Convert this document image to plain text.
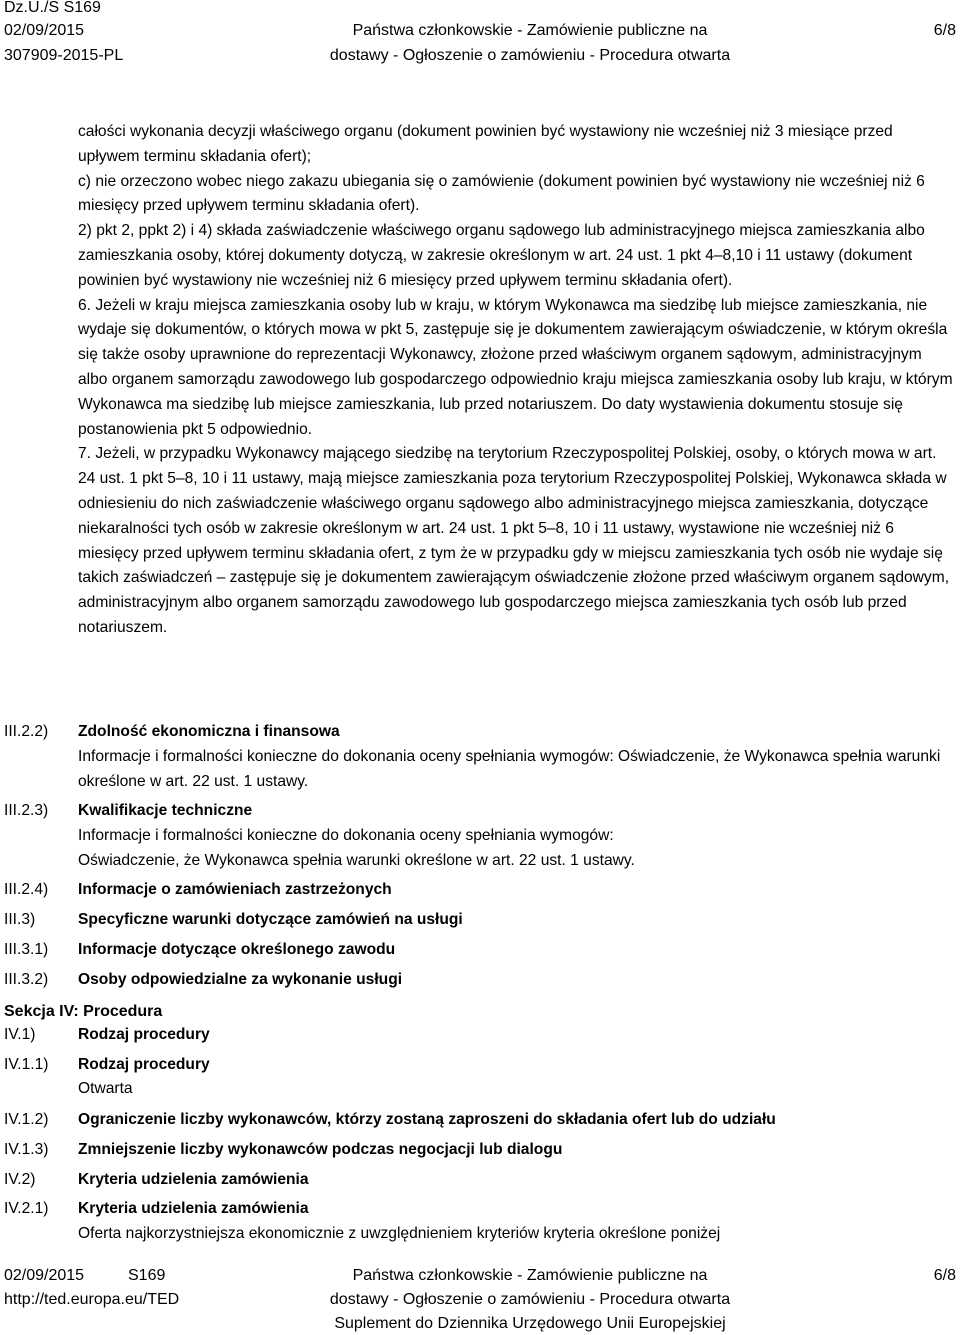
Dz.U./S S169
02/09/2015
307909-2015-PL
Państwa członkowskie - Zamówienie publiczne na
dostawy - Ogłoszenie o zamówieniu - Procedura otwarta
6/8

całości wykonania decyzji właściwego organu (dokument powinien być wystawiony nie wcześniej niż 3 miesiące przed upływem terminu składania ofert);

c) nie orzeczono wobec niego zakazu ubiegania się o zamówienie (dokument powinien być wystawiony nie wcześniej niż 6 miesięcy przed upływem terminu składania ofert).

2) pkt 2, ppkt 2) i 4) składa zaświadczenie właściwego organu sądowego lub administracyjnego miejsca zamieszkania albo zamieszkania osoby, której dokumenty dotyczą, w zakresie określonym w art. 24 ust. 1 pkt 4–8,10 i 11 ustawy (dokument powinien być wystawiony nie wcześniej niż 6 miesięcy przed upływem terminu składania ofert).

6. Jeżeli w kraju miejsca zamieszkania osoby lub w kraju, w którym Wykonawca ma siedzibę lub miejsce zamieszkania, nie wydaje się dokumentów, o których mowa w pkt 5, zastępuje się je dokumentem zawierającym oświadczenie, w którym określa się także osoby uprawnione do reprezentacji Wykonawcy, złożone przed właściwym organem sądowym, administracyjnym albo organem samorządu zawodowego lub gospodarczego odpowiednio kraju miejsca zamieszkania osoby lub kraju, w którym Wykonawca ma siedzibę lub miejsce zamieszkania, lub przed notariuszem. Do daty wystawienia dokumentu stosuje się postanowienia pkt 5 odpowiednio.

7. Jeżeli, w przypadku Wykonawcy mającego siedzibę na terytorium Rzeczypospolitej Polskiej, osoby, o których mowa w art. 24 ust. 1 pkt 5–8, 10 i 11 ustawy, mają miejsce zamieszkania poza terytorium Rzeczypospolitej Polskiej, Wykonawca składa w odniesieniu do nich zaświadczenie właściwego organu sądowego albo administracyjnego miejsca zamieszkania, dotyczące niekaralności tych osób w zakresie określonym w art. 24 ust. 1 pkt 5–8, 10 i 11 ustawy, wystawione nie wcześniej niż 6 miesięcy przed upływem terminu składania ofert, z tym że w przypadku gdy w miejscu zamieszkania tych osób nie wydaje się takich zaświadczeń – zastępuje się je dokumentem zawierającym oświadczenie złożone przed właściwym organem sądowym, administracyjnym albo organem samorządu zawodowego lub gospodarczego miejsca zamieszkania tych osób lub przed notariuszem.

III.2.2) Zdolność ekonomiczna i finansowa
Informacje i formalności konieczne do dokonania oceny spełniania wymogów: Oświadczenie, że Wykonawca spełnia warunki określone w art. 22 ust. 1 ustawy.
III.2.3) Kwalifikacje techniczne
Informacje i formalności konieczne do dokonania oceny spełniania wymogów:
Oświadczenie, że Wykonawca spełnia warunki określone w art. 22 ust. 1 ustawy.
III.2.4) Informacje o zamówieniach zastrzeżonych
III.3)	Specyficzne warunki dotyczące zamówień na usługi
III.3.1) Informacje dotyczące określonego zawodu
III.3.2) Osoby odpowiedzialne za wykonanie usługi
Sekcja IV: Procedura
IV.1)	Rodzaj procedury
IV.1.1) Rodzaj procedury
Otwarta
IV.1.2) Ograniczenie liczby wykonawców, którzy zostaną zaproszeni do składania ofert lub do udziału
IV.1.3) Zmniejszenie liczby wykonawców podczas negocjacji lub dialogu
IV.2)	Kryteria udzielenia zamówienia
IV.2.1) Kryteria udzielenia zamówienia
Oferta najkorzystniejsza ekonomicznie z uwzględnieniem kryteriów kryteria określone poniżej
02/09/2015	S169
http://ted.europa.eu/TED
Państwa członkowskie - Zamówienie publiczne na
dostawy - Ogłoszenie o zamówieniu - Procedura otwarta
Suplement do Dziennika Urzędowego Unii Europejskiej
6/8
